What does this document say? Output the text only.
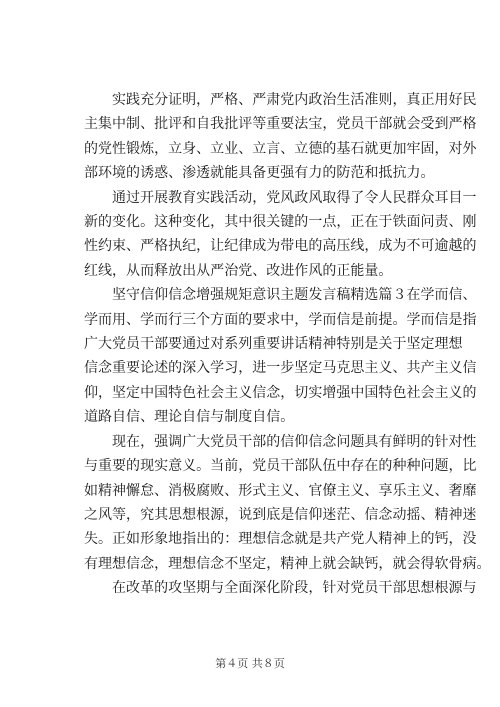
　　实践充分证明，严格、严肃党内政治生活准则，真正用好民
主集中制、批评和自我批评等重要法宝，党员干部就会受到严格
的党性锻炼，立身、立业、立言、立德的基石就更加牢固，对外
部环境的诱惑、渗透就能具备更强有力的防范和抵抗力。

　　通过开展教育实践活动，党风政风取得了令人民群众耳目一
新的变化。这种变化，其中很关键的一点，正在于铁面问责、刚
性约束、严格执纪，让纪律成为带电的高压线，成为不可逾越的
红线，从而释放出从严治党、改进作风的正能量。

　　坚守信仰信念增强规矩意识主题发言稿精选篇３在学而信、
学而用、学而行三个方面的要求中，学而信是前提。学而信是指
广大党员干部要通过对系列重要讲话精神特别是关于坚定理想
信念重要论述的深入学习，进一步坚定马克思主义、共产主义信
仰，坚定中国特色社会主义信念，切实增强中国特色社会主义的
道路自信、理论自信与制度自信。

　　现在，强调广大党员干部的信仰信念问题具有鲜明的针对性
与重要的现实意义。当前，党员干部队伍中存在的种种问题，比
如精神懈怠、消极腐败、形式主义、官僚主义、享乐主义、奢靡
之风等，究其思想根源，说到底是信仰迷茫、信念动摇、精神迷
失。正如形象地指出的：理想信念就是共产党人精神上的钙，没
有理想信念，理想信念不坚定，精神上就会缺钙，就会得软骨病。

　　在改革的攻坚期与全面深化阶段，针对党员干部思想根源与

第４页 共８页
